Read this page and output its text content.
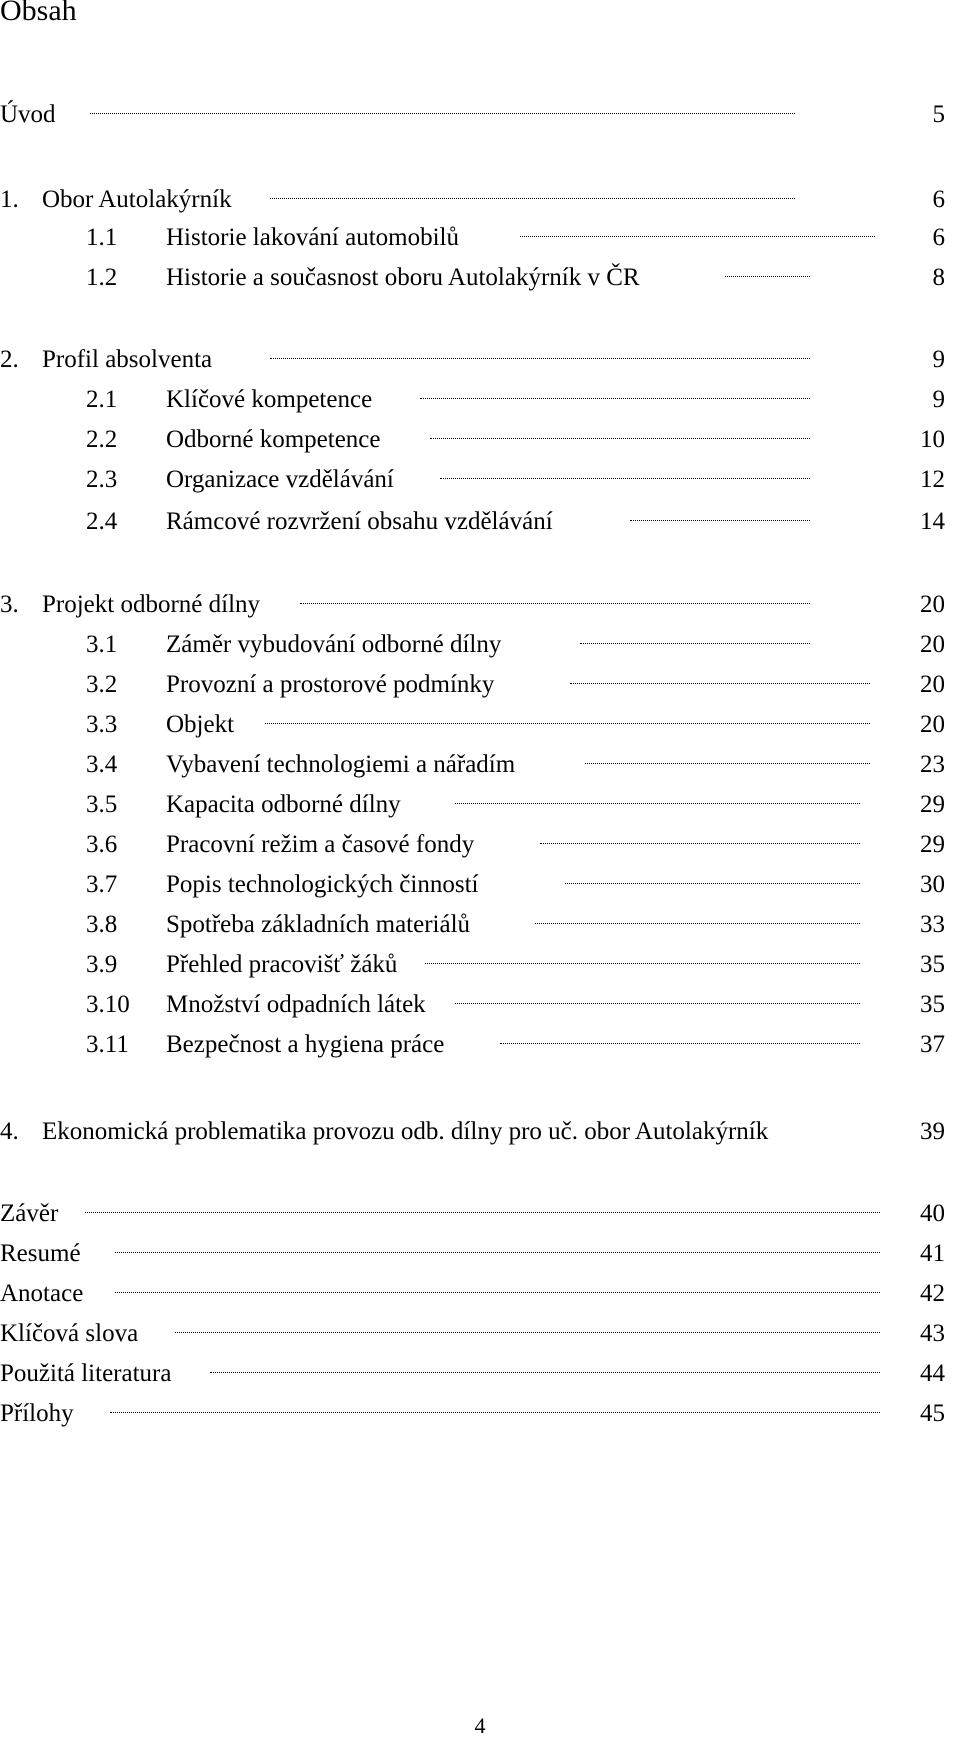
Obsah
Úvod	5
1. Obor Autolakýrník	6
1.1 Historie lakování automobilů	6
1.2 Historie a současnost oboru Autolakýrník v ČR	8
2. Profil absolventa	9
2.1 Klíčové kompetence	9
2.2 Odborné kompetence	10
2.3 Organizace vzdělávání	12
2.4 Rámcové rozvržení obsahu vzdělávání	14
3. Projekt odborné dílny	20
3.1 Záměr vybudování odborné dílny	20
3.2 Provozní a prostorové podmínky	20
3.3 Objekt	20
3.4 Vybavení technologiemi a nářadím	23
3.5 Kapacita odborné dílny	29
3.6 Pracovní režim a časové fondy	29
3.7 Popis technologických činností	30
3.8 Spotřeba základních materiálů	33
3.9 Přehled pracovišť žáků	35
3.10 Množství odpadních látek	35
3.11 Bezpečnost a hygiena práce	37
4. Ekonomická problematika provozu odb. dílny pro uč. obor Autolakýrník	39
Závěr	40
Resumé	41
Anotace	42
Klíčová slova	43
Použitá literatura	44
Přílohy	45
4
